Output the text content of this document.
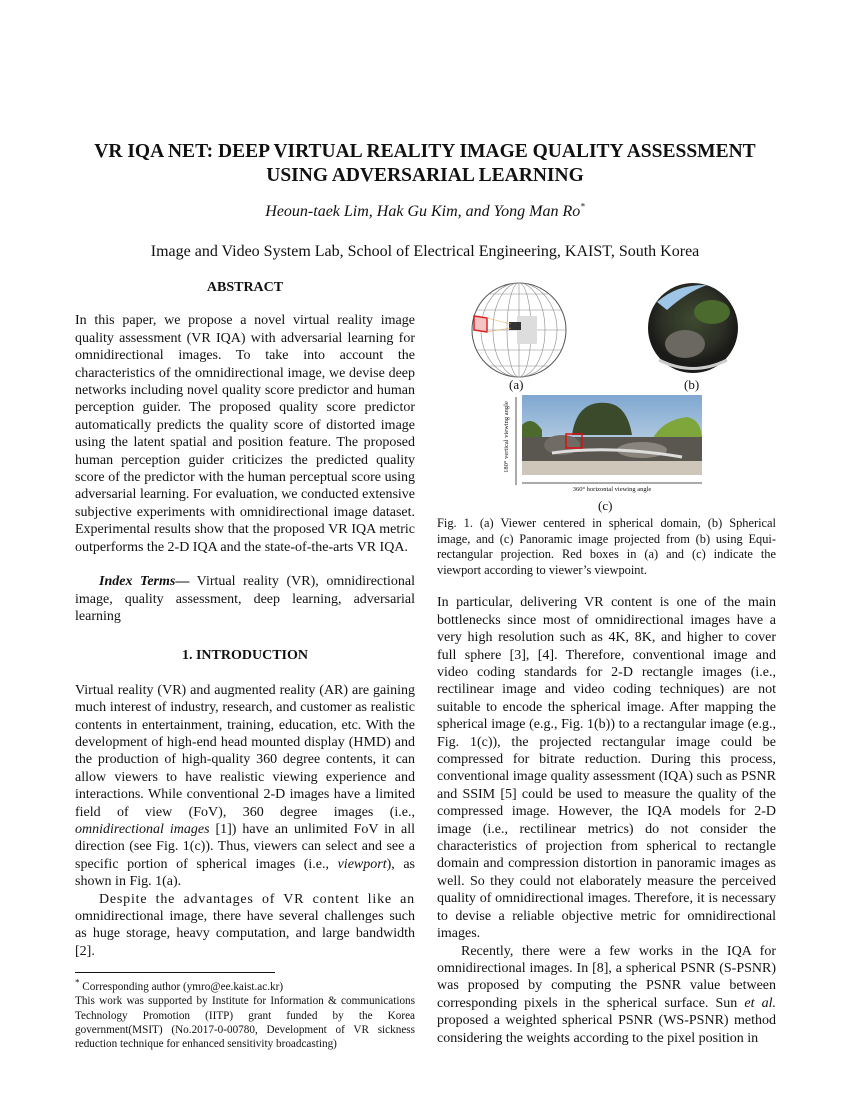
VR IQA NET: DEEP VIRTUAL REALITY IMAGE QUALITY ASSESSMENT
USING ADVERSARIAL LEARNING
Heoun-taek Lim, Hak Gu Kim, and Yong Man Ro*
Image and Video System Lab, School of Electrical Engineering, KAIST, South Korea
ABSTRACT

In this paper, we propose a novel virtual reality image quality assessment (VR IQA) with adversarial learning for omnidirectional images. To take into account the characteristics of the omnidirectional image, we devise deep networks including novel quality score predictor and human perception guider. The proposed quality score predictor automatically predicts the quality score of distorted image using the latent spatial and position feature. The proposed human perception guider criticizes the predicted quality score of the predictor with the human perceptual score using adversarial learning. For evaluation, we conducted extensive subjective experiments with omnidirectional image dataset. Experimental results show that the proposed VR IQA metric outperforms the 2-D IQA and the state-of-the-arts VR IQA.

Index Terms— Virtual reality (VR), omnidirectional image, quality assessment, deep learning, adversarial learning

1. INTRODUCTION

Virtual reality (VR) and augmented reality (AR) are gaining much interest of industry, research, and customer as realistic contents in entertainment, training, education, etc. With the development of high-end head mounted display (HMD) and the production of high-quality 360 degree contents, it can allow viewers to have realistic viewing experience and interactions. While conventional 2-D images have a limited field of view (FoV), 360 degree images (i.e., omnidirectional images [1]) have an unlimited FoV in all direction (see Fig. 1(c)). Thus, viewers can select and see a specific portion of spherical images (i.e., viewport), as shown in Fig. 1(a).

Despite the advantages of VR content like an omnidirectional image, there have several challenges such as huge storage, heavy computation, and large bandwidth [2].

* Corresponding author (ymro@ee.kaist.ac.kr)

This work was supported by Institute for Information & communications Technology Promotion (IITP) grant funded by the Korea government(MSIT) (No.2017-0-00780, Development of VR sickness reduction technique for enhanced sensitivity broadcasting)

(a)	(b)
180° vertical viewing angle
360° horizontal viewing angle
(c)

Fig. 1. (a) Viewer centered in spherical domain, (b) Spherical image, and (c) Panoramic image projected from (b) using Equi-rectangular projection. Red boxes in (a) and (c) indicate the viewport according to viewer’s viewpoint.

In particular, delivering VR content is one of the main bottlenecks since most of omnidirectional images have a very high resolution such as 4K, 8K, and higher to cover full sphere [3], [4]. Therefore, conventional image and video coding standards for 2-D rectangle images (i.e., rectilinear image and video coding techniques) are not suitable to encode the spherical image. After mapping the spherical image (e.g., Fig. 1(b)) to a rectangular image (e.g., Fig. 1(c)), the projected rectangular image could be compressed for bitrate reduction. During this process, conventional image quality assessment (IQA) such as PSNR and SSIM [5] could be used to measure the quality of the compressed image. However, the IQA models for 2-D image (i.e., rectilinear metrics) do not consider the characteristics of projection from spherical to rectangle domain and compression distortion in panoramic images as well. So they could not elaborately measure the perceived quality of omnidirectional images. Therefore, it is necessary to devise a reliable objective metric for omnidirectional images.

Recently, there were a few works in the IQA for omnidirectional images. In [8], a spherical PSNR (S-PSNR) was proposed by computing the PSNR value between corresponding pixels in the spherical surface. Sun et al. proposed a weighted spherical PSNR (WS-PSNR) method considering the weights according to the pixel position in
